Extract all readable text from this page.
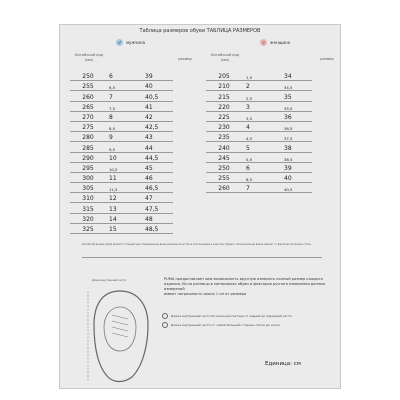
Таблица размеров обуви ТАБЛИЦА РАЗМЕРОВ
♂	мужчина	♀	женщина
Китайский код (мм)	размер
Китайский код (мм)	размер
250	6	39
255	6,5	40
260	7	40,5
265	7,5	41
270	8	42
275	8,5	42,5
280	9	43
285	9,5	44
290	10	44,5
295	10,5	45
300	11	46
305	11,5	46,5
310	12	47
315	13	47,5
320	14	48
325	15	48,5
205	1,5	34
210	2	34,5
215	2,5	35
220	3	35,5
225	3,5	36
230	4	36,5
235	4,5	37,5
240	5	38
245	5,5	38,5
250	6	39
255	6,5	40
260	7	40,5
Китайский размер обуви является стандартным. Приведенные выше размеры могут быть использованы в качестве справки. Окончательный выбор зависит от фактической формы стопы.
PUMA предоставляет вам возможность вручную измерить полный размер каждого изделия. Из-за разницы в материалах обуви и факторов ручного измерения данные измерений
имеют погрешность около 1 см от размера
Длина внутренней части
Длина внутренней части ботинка рассчитана от задней до передней части.
Длина внутренней части от самой большой стороны пятки до носка.
Единица: см
